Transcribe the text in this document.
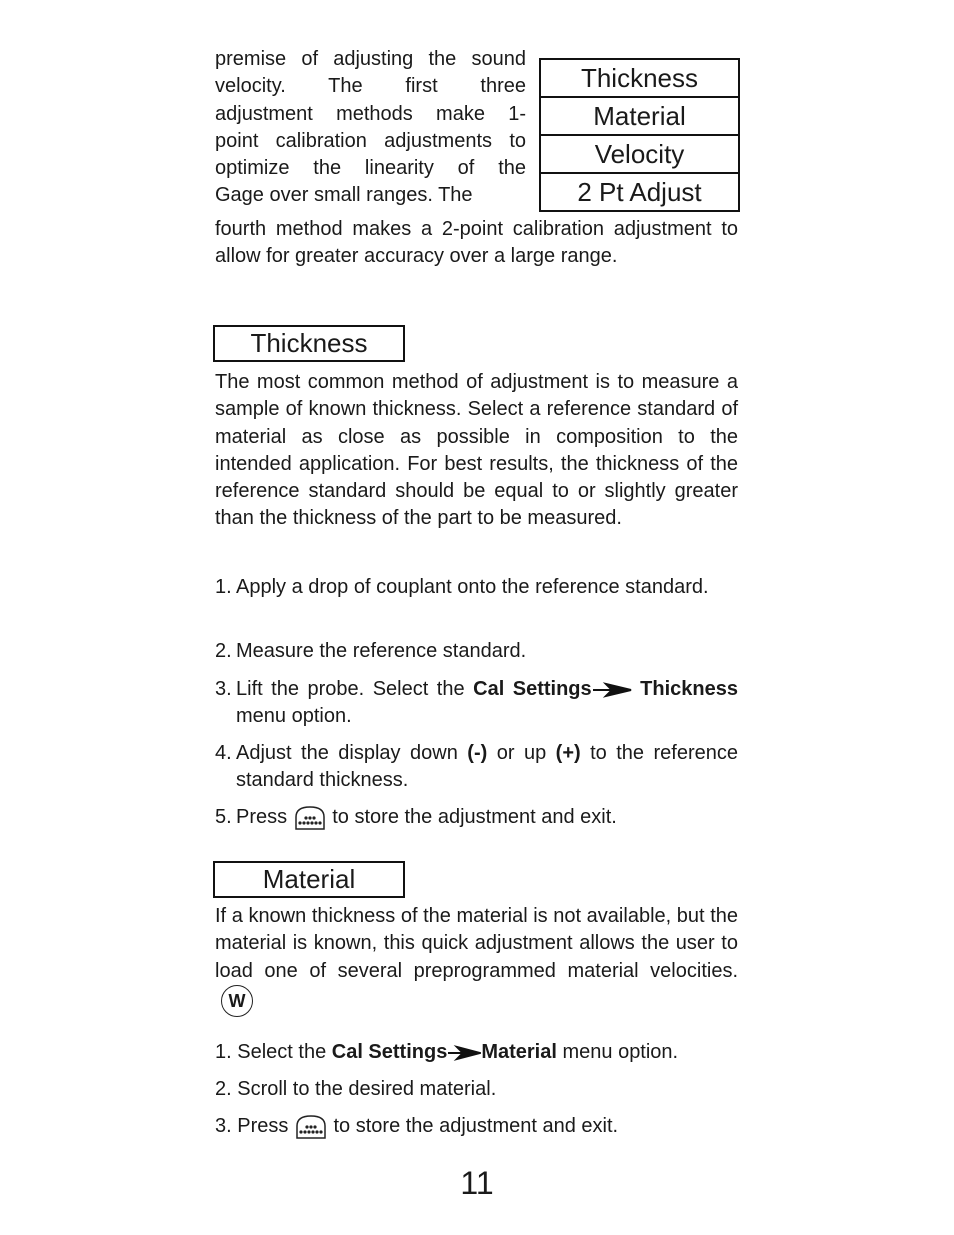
premise of adjusting the sound
velocity. The first three
adjustment methods make 1-
point calibration adjustments to
optimize the linearity of the
Gage over small ranges. The
Thickness
Material
Velocity
2 Pt Adjust
fourth method makes a 2-point calibration adjustment to allow for greater accuracy over a large range.
Thickness
The most common method of adjustment is to measure a sample of known thickness. Select a reference standard of material as close as possible in composition to the intended application. For best results, the thickness of the reference standard should be equal to or slightly greater than the thickness of the part to be measured.
1. Apply a drop of couplant onto the reference standard.
2. Measure the reference standard.
3. Lift the probe. Select the Cal Settings Thickness menu option.
4. Adjust the display down (-) or up (+) to the reference standard thickness.
5. Press  to store the adjustment and exit.
Material
If a known thickness of the material is not available, but the material is known, this quick adjustment allows the user to load one of several preprogrammed material velocities.W
1. Select the Cal Settings Material menu option.
2. Scroll to the desired material.
3. Press  to store the adjustment and exit.
11
